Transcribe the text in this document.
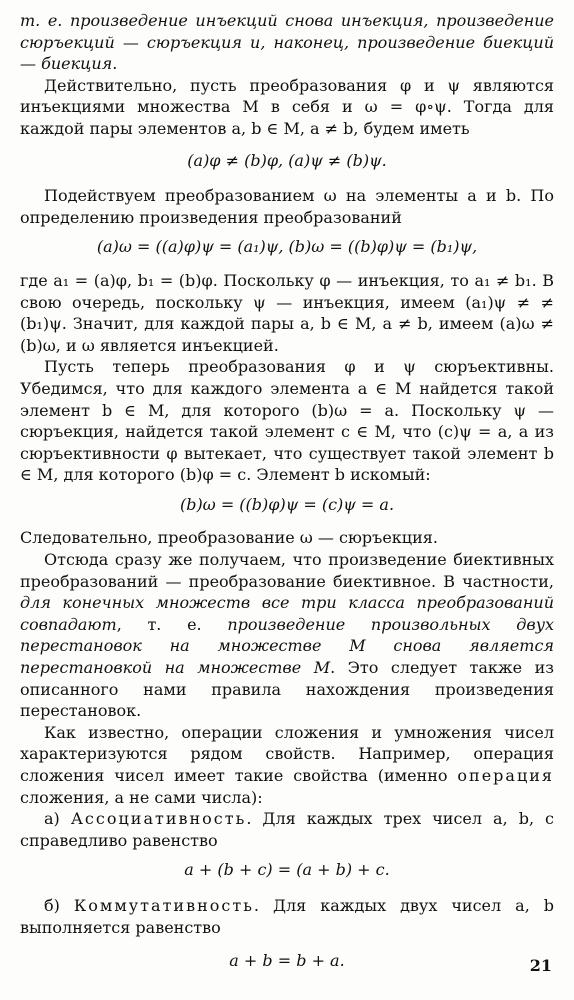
т. е. произведение инъекций снова инъекция, произведение сюръекций — сюръекция и, наконец, произведение биекций — биекция.

Действительно, пусть преобразования φ и ψ являются инъекциями множества M в себя и ω = φ∘ψ. Тогда для каждой пары элементов a, b ∈ M, a ≠ b, будем иметь

(a)φ ≠ (b)φ, (a)ψ ≠ (b)ψ.

Подействуем преобразованием ω на элементы a и b. По определению произведения преобразований

(a)ω = ((a)φ)ψ = (a₁)ψ, (b)ω = ((b)φ)ψ = (b₁)ψ,

где a₁ = (a)φ, b₁ = (b)φ. Поскольку φ — инъекция, то a₁ ≠ b₁. В свою очередь, поскольку ψ — инъекция, имеем (a₁)ψ ≠ ≠ (b₁)ψ. Значит, для каждой пары a, b ∈ M, a ≠ b, имеем (a)ω ≠ (b)ω, и ω является инъекцией.

Пусть теперь преобразования φ и ψ сюръективны. Убедимся, что для каждого элемента a ∈ M найдется такой элемент b ∈ M, для которого (b)ω = a. Поскольку ψ — сюръекция, найдется такой элемент c ∈ M, что (c)ψ = a, а из сюръективности φ вытекает, что существует такой элемент b ∈ M, для которого (b)φ = c. Элемент b искомый:

(b)ω = ((b)φ)ψ = (c)ψ = a.

Следовательно, преобразование ω — сюръекция.

Отсюда сразу же получаем, что произведение биективных преобразований — преобразование биективное. В частности, для конечных множеств все три класса преобразований совпадают, т. е. произведение произвольных двух перестановок на множестве M снова является перестановкой на множестве M. Это следует также из описанного нами правила нахождения произведения перестановок.

Как известно, операции сложения и умножения чисел характеризуются рядом свойств. Например, операция сложения чисел имеет такие свойства (именно операция сложения, а не сами числа):

а) Ассоциативность. Для каждых трех чисел a, b, c справедливо равенство

a + (b + c) = (a + b) + c.

б) Коммутативность. Для каждых двух чисел a, b выполняется равенство

a + b = b + a.	21
